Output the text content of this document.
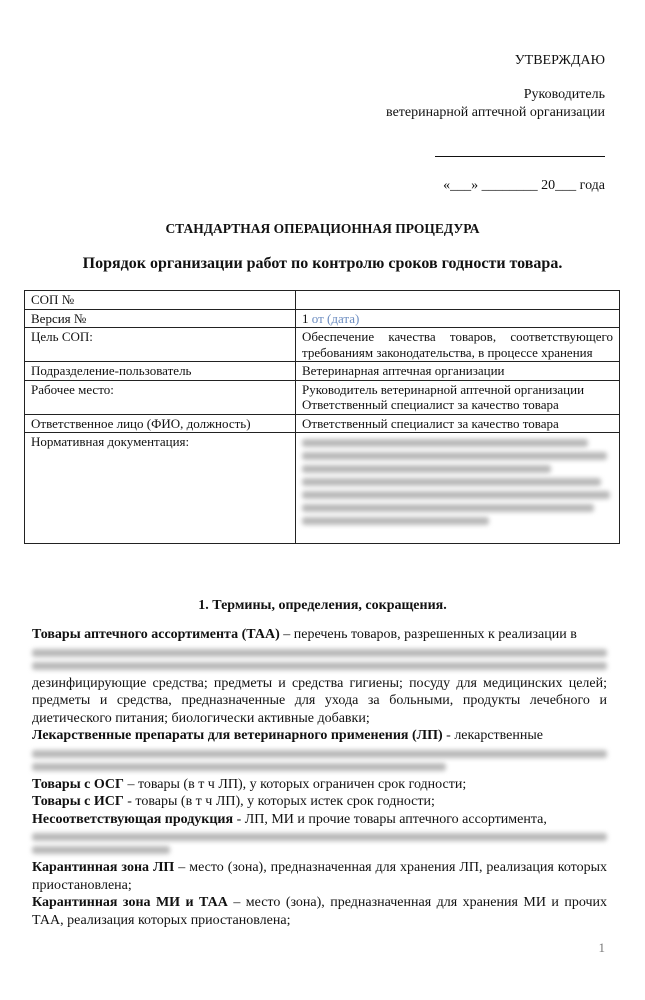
УТВЕРЖДАЮ
Руководитель
ветеринарной аптечной организации
«___» ________ 20___ года
СТАНДАРТНАЯ ОПЕРАЦИОННАЯ ПРОЦЕДУРА
Порядок организации работ по контролю сроков годности товара.
СОП №	
Версия №	1 от (дата)
Цель СОП:	Обеспечение качества товаров, соответствующего требованиям законодательства, в процессе хранения
Подразделение-пользователь	Ветеринарная аптечная организации
Рабочее место:	Руководитель ветеринарной аптечной организации
Ответственный специалист за качество товара

Ответственное лицо (ФИО, должность)	Ответственный специалист за качество товара
Нормативная документация:	
1. Термины, определения, сокращения.

Товары аптечного ассортимента (ТАА) – перечень товаров, разрешенных к реализации в

дезинфицирующие средства; предметы и средства гигиены; посуду для медицинских целей; предметы и средства, предназначенные для ухода за больными, продукты лечебного и диетического питания; биологически активные добавки;

Лекарственные препараты для ветеринарного применения (ЛП) - лекарственные

Товары с ОСГ – товары (в т ч ЛП), у которых ограничен срок годности;

Товары с ИСГ - товары (в т ч ЛП), у которых истек срок годности;

Несоответствующая продукция - ЛП, МИ и прочие товары аптечного ассортимента,

Карантинная зона ЛП – место (зона), предназначенная для хранения ЛП, реализация которых приостановлена;

Карантинная зона МИ и ТАА – место (зона), предназначенная для хранения МИ и прочих ТАА, реализация которых приостановлена;

1
